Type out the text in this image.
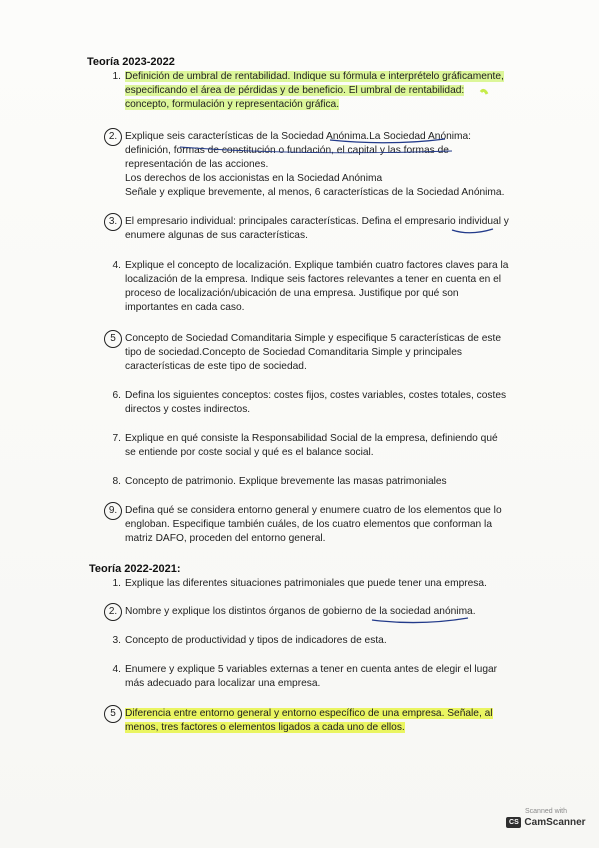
Teoría 2023-2022
1. Definición de umbral de rentabilidad. Indique su fórmula e interprételo gráficamente,
especificando el área de pérdidas y de beneficio. El umbral de rentabilidad:
concepto, formulación y representación gráfica.
2. Explique seis características de la Sociedad Anónima.La Sociedad Anónima:
definición, formas de constitución o fundación, el capital y las formas de
representación de las acciones.
Los derechos de los accionistas en la Sociedad Anónima
Señale y explique brevemente, al menos, 6 características de la Sociedad Anónima.
3. El empresario individual: principales características. Defina el empresario individual y
enumere algunas de sus características.
4. Explique el concepto de localización. Explique también cuatro factores claves para la
localización de la empresa. Indique seis factores relevantes a tener en cuenta en el
proceso de localización/ubicación de una empresa. Justifique por qué son
importantes en cada caso.
5 Concepto de Sociedad Comanditaria Simple y especifique 5 características de este
tipo de sociedad.Concepto de Sociedad Comanditaria Simple y principales
características de este tipo de sociedad.
6. Defina los siguientes conceptos: costes fijos, costes variables, costes totales, costes
directos y costes indirectos.
7. Explique en qué consiste la Responsabilidad Social de la empresa, definiendo qué
se entiende por coste social y qué es el balance social.
8. Concepto de patrimonio. Explique brevemente las masas patrimoniales
9. Defina qué se considera entorno general y enumere cuatro de los elementos que lo
engloban. Especifique también cuáles, de los cuatro elementos que conforman la
matriz DAFO, proceden del entorno general.
Teoría 2022-2021:
1. Explique las diferentes situaciones patrimoniales que puede tener una empresa.
2. Nombre y explique los distintos órganos de gobierno de la sociedad anónima.
3. Concepto de productividad y tipos de indicadores de esta.
4. Enumere y explique 5 variables externas a tener en cuenta antes de elegir el lugar
más adecuado para localizar una empresa.
5 Diferencia entre entorno general y entorno específico de una empresa. Señale, al
menos, tres factores o elementos ligados a cada uno de ellos.
Scanned with
CS CamScanner
